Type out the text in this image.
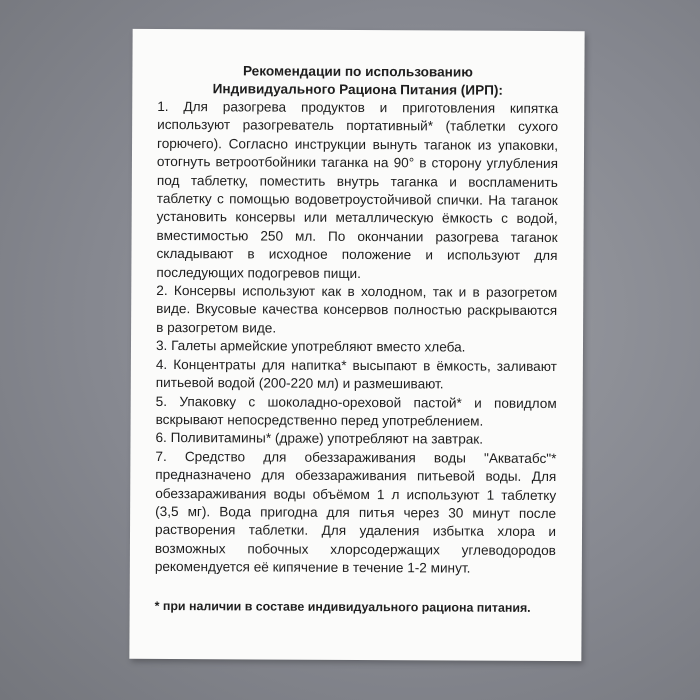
Рекомендации по использованию

Индивидуального Рациона Питания (ИРП):

1. Для разогрева продуктов и приготовления кипятка используют разогреватель портативный* (таблетки сухого горючего). Согласно инструкции вынуть таганок из упаковки, отогнуть ветроотбойники таганка на 90° в сторону углубления под таблетку, поместить внутрь таганка и воспламенить таблетку с помощью водоветроустойчивой спички. На таганок установить консервы или металлическую ёмкость с водой, вместимостью 250 мл. По окончании разогрева таганок складывают в исходное положение и используют для последующих подогревов пищи.

2. Консервы используют как в холодном, так и в разогретом виде. Вкусовые качества консервов полностью раскрываются в разогретом виде.

3. Галеты армейские употребляют вместо хлеба.

4. Концентраты для напитка* высыпают в ёмкость, заливают питьевой водой (200-220 мл) и размешивают.

5. Упаковку с шоколадно-ореховой пастой* и повидлом вскрывают непосредственно перед употреблением.

6. Поливитамины* (драже) употребляют на завтрак.

7. Средство для обеззараживания воды "Акватабс"* предназначено для обеззараживания питьевой воды. Для обеззараживания воды объёмом 1 л используют 1 таблетку (3,5 мг). Вода пригодна для питья через 30 минут после растворения таблетки. Для удаления избытка хлора и возможных побочных хлорсодержащих углеводородов рекомендуется её кипячение в течение 1-2 минут.

* при наличии в составе индивидуального рациона питания.
